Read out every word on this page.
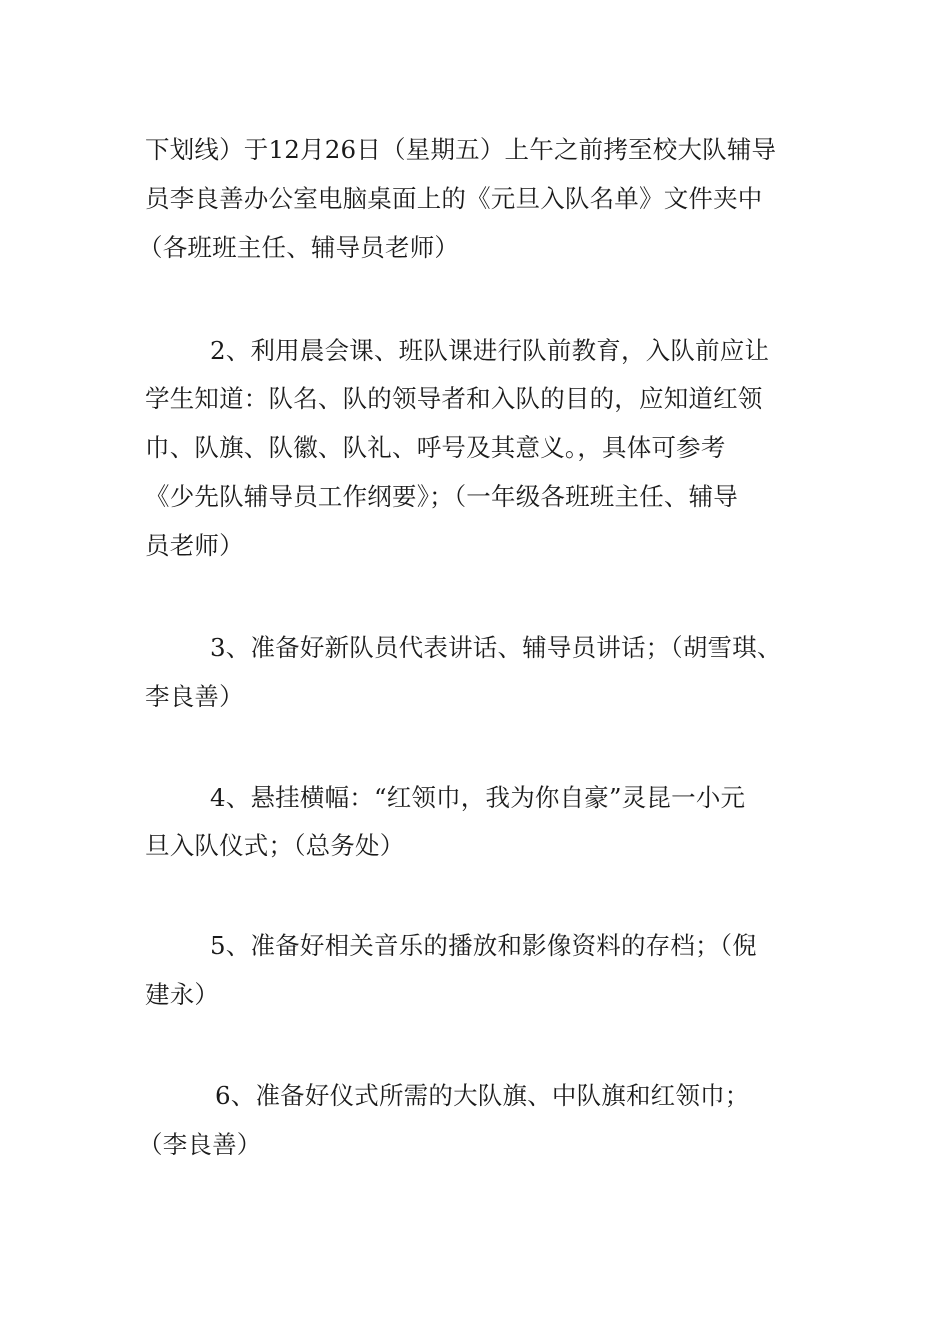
下划线）于12月26日（星期五）上午之前拷至校大队辅导
员李良善办公室电脑桌面上的《元旦入队名单》文件夹中
（各班班主任、辅导员老师）
2、利用晨会课、班队课进行队前教育，入队前应让
学生知道：队名、队的领导者和入队的目的，应知道红领
巾、队旗、队徽、队礼、呼号及其意义。，具体可参考
《少先队辅导员工作纲要》；（一年级各班班主任、辅导
员老师）
3、准备好新队员代表讲话、辅导员讲话；（胡雪琪、
李良善）
4、悬挂横幅：“红领巾，我为你自豪”灵昆一小元
旦入队仪式；（总务处）
5、准备好相关音乐的播放和影像资料的存档；（倪
建永）
6、准备好仪式所需的大队旗、中队旗和红领巾；
（李良善）
